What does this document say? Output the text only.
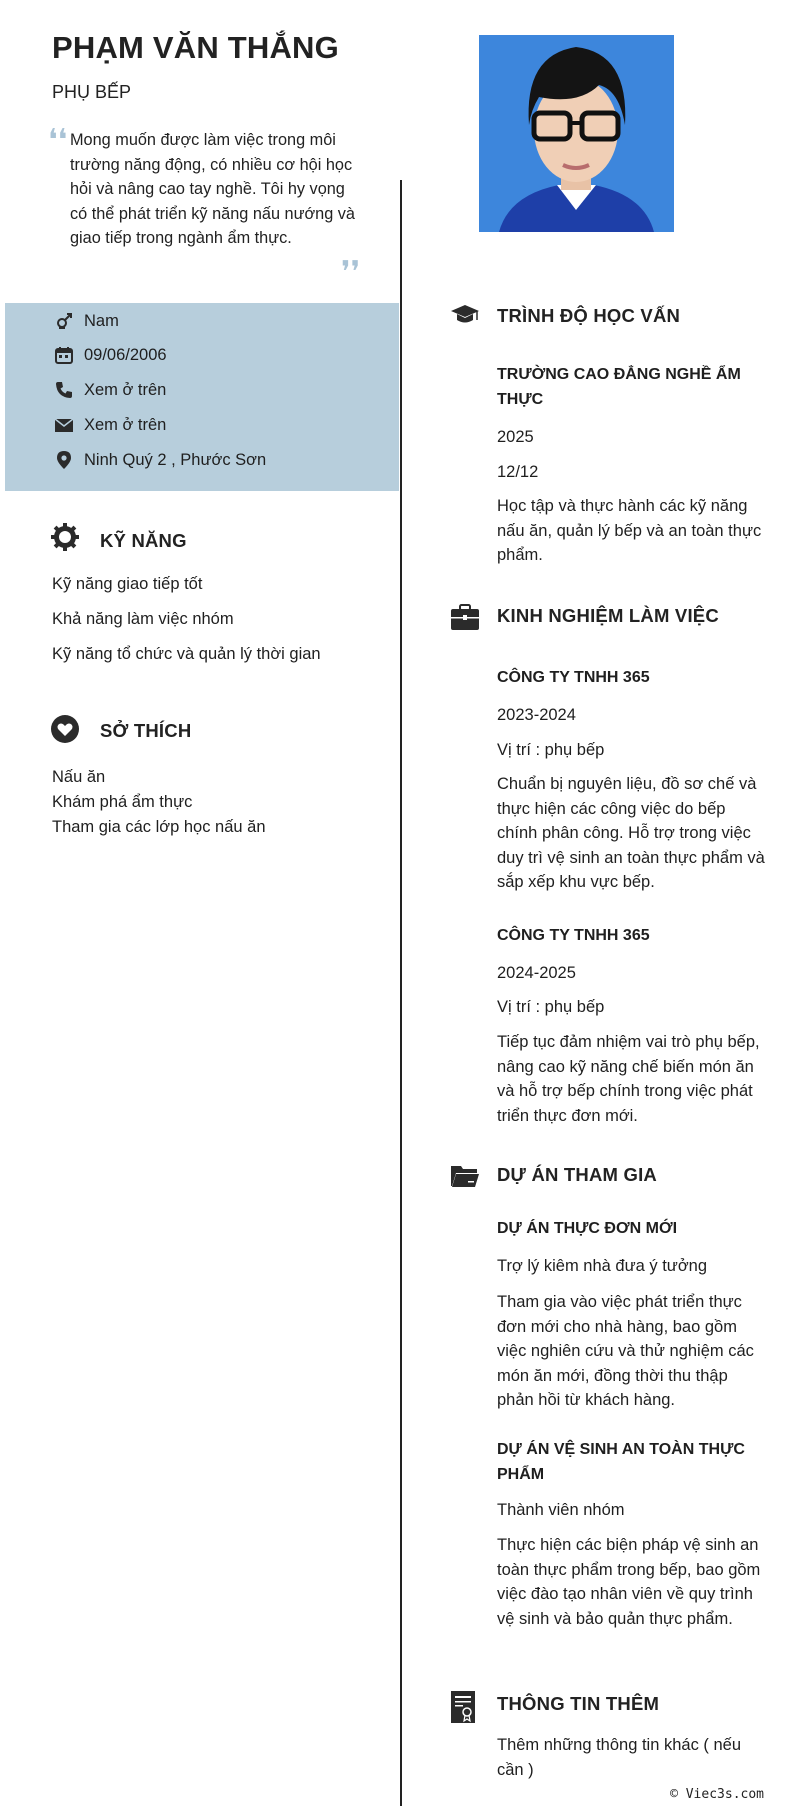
PHẠM VĂN THẮNG
PHỤ BẾP
❛❛ Mong muốn được làm việc trong môi trường năng động, có nhiều cơ hội học hỏi và nâng cao tay nghề. Tôi hy vọng có thể phát triển kỹ năng nấu nướng và giao tiếp trong ngành ẩm thực.
❜❜
Nam
09/06/2006
Xem ở trên
Xem ở trên
Ninh Quý 2 , Phước Sơn
KỸ NĂNG
Kỹ năng giao tiếp tốt
Khả năng làm việc nhóm
Kỹ năng tổ chức và quản lý thời gian
SỞ THÍCH
Nấu ăn
Khám phá ẩm thực
Tham gia các lớp học nấu ăn
TRÌNH ĐỘ HỌC VẤN
TRƯỜNG CAO ĐẲNG NGHỀ ẨM THỰC
2025
12/12
Học tập và thực hành các kỹ năng nấu ăn, quản lý bếp và an toàn thực phẩm.
KINH NGHIỆM LÀM VIỆC
CÔNG TY TNHH 365
2023-2024
Vị trí : phụ bếp
Chuẩn bị nguyên liệu, đồ sơ chế và thực hiện các công việc do bếp chính phân công. Hỗ trợ trong việc duy trì vệ sinh an toàn thực phẩm và sắp xếp khu vực bếp.
CÔNG TY TNHH 365
2024-2025
Vị trí : phụ bếp
Tiếp tục đảm nhiệm vai trò phụ bếp, nâng cao kỹ năng chế biến món ăn và hỗ trợ bếp chính trong việc phát triển thực đơn mới.
DỰ ÁN THAM GIA
DỰ ÁN THỰC ĐƠN MỚI
Trợ lý kiêm nhà đưa ý tưởng
Tham gia vào việc phát triển thực đơn mới cho nhà hàng, bao gồm việc nghiên cứu và thử nghiệm các món ăn mới, đồng thời thu thập phản hồi từ khách hàng.
DỰ ÁN VỆ SINH AN TOÀN THỰC PHẨM
Thành viên nhóm
Thực hiện các biện pháp vệ sinh an toàn thực phẩm trong bếp, bao gồm việc đào tạo nhân viên về quy trình vệ sinh và bảo quản thực phẩm.
THÔNG TIN THÊM
Thêm những thông tin khác ( nếu cần )
© Viec3s.com
